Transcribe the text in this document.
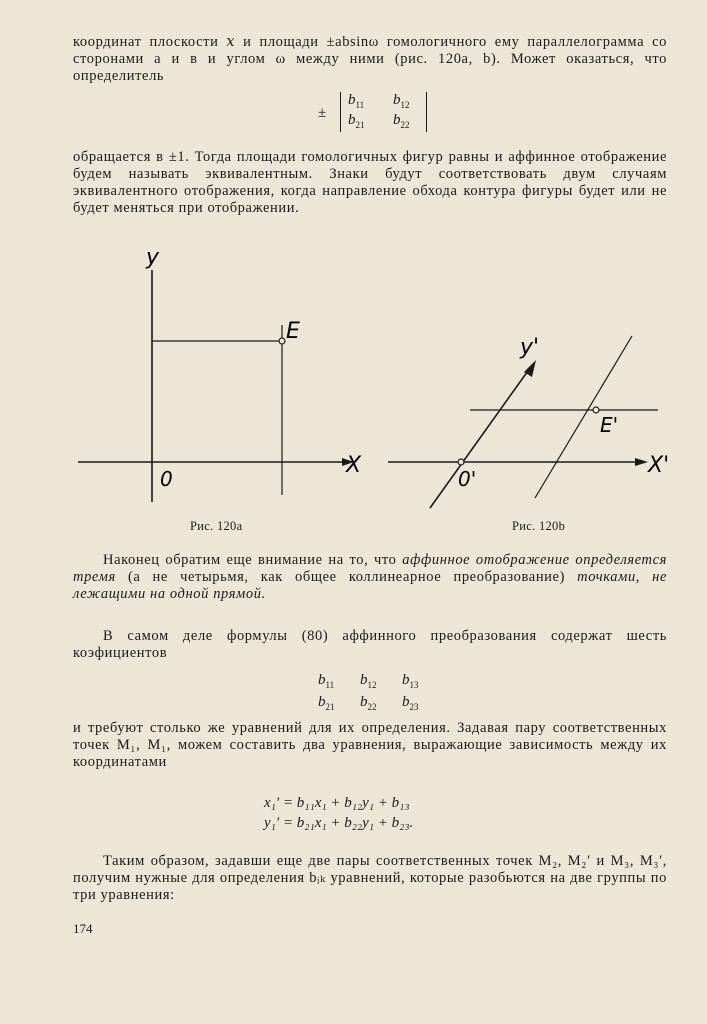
координат плоскости 𝑥 и площади ±absinω гомологичного ему параллелограмма со сторонами a и в и углом ω между ними (рис. 120a, b). Может оказаться, что определитель

±
$b_{11}$ $b_{12}$
$b_{21}$ $b_{22}$

обращается в ±1. Тогда площади гомологичных фигур равны и аффинное отображение будем называть эквивалентным. Знаки будут соответствовать двум случаям эквивалентного отображения, когда направление обхода контура фигуры будет или не будет меняться при отображении.

y
X
0
E
Рис. 120а
y'
X'
0'
E'
Рис. 120b

Наконец обратим еще внимание на то, что аффинное отображение определяется тремя (а не четырьмя, как общее коллинеарное преобразование) точками, не лежащими на одной прямой.

В самом деле формулы (80) аффинного преобразования содержат шесть коэфициентов

$b_{11}$ $b_{12}$ $b_{13}$
$b_{21}$ $b_{22}$ $b_{23}$

и требуют столько же уравнений для их определения. Задавая пару соответственных точек M₁, M₁, можем составить два уравнения, выражающие зависимость между их координатами

x₁′ = b₁₁x₁ + b₁₂y₁ + b₁₃
y₁′ = b₂₁x₁ + b₂₂y₁ + b₂₃.

Таким образом, задавши еще две пары соответственных точек M₂, M₂′ и M₃, M₃′, получим нужные для определения bᵢₖ уравнений, которые разобьются на две группы по три уравнения:

174
